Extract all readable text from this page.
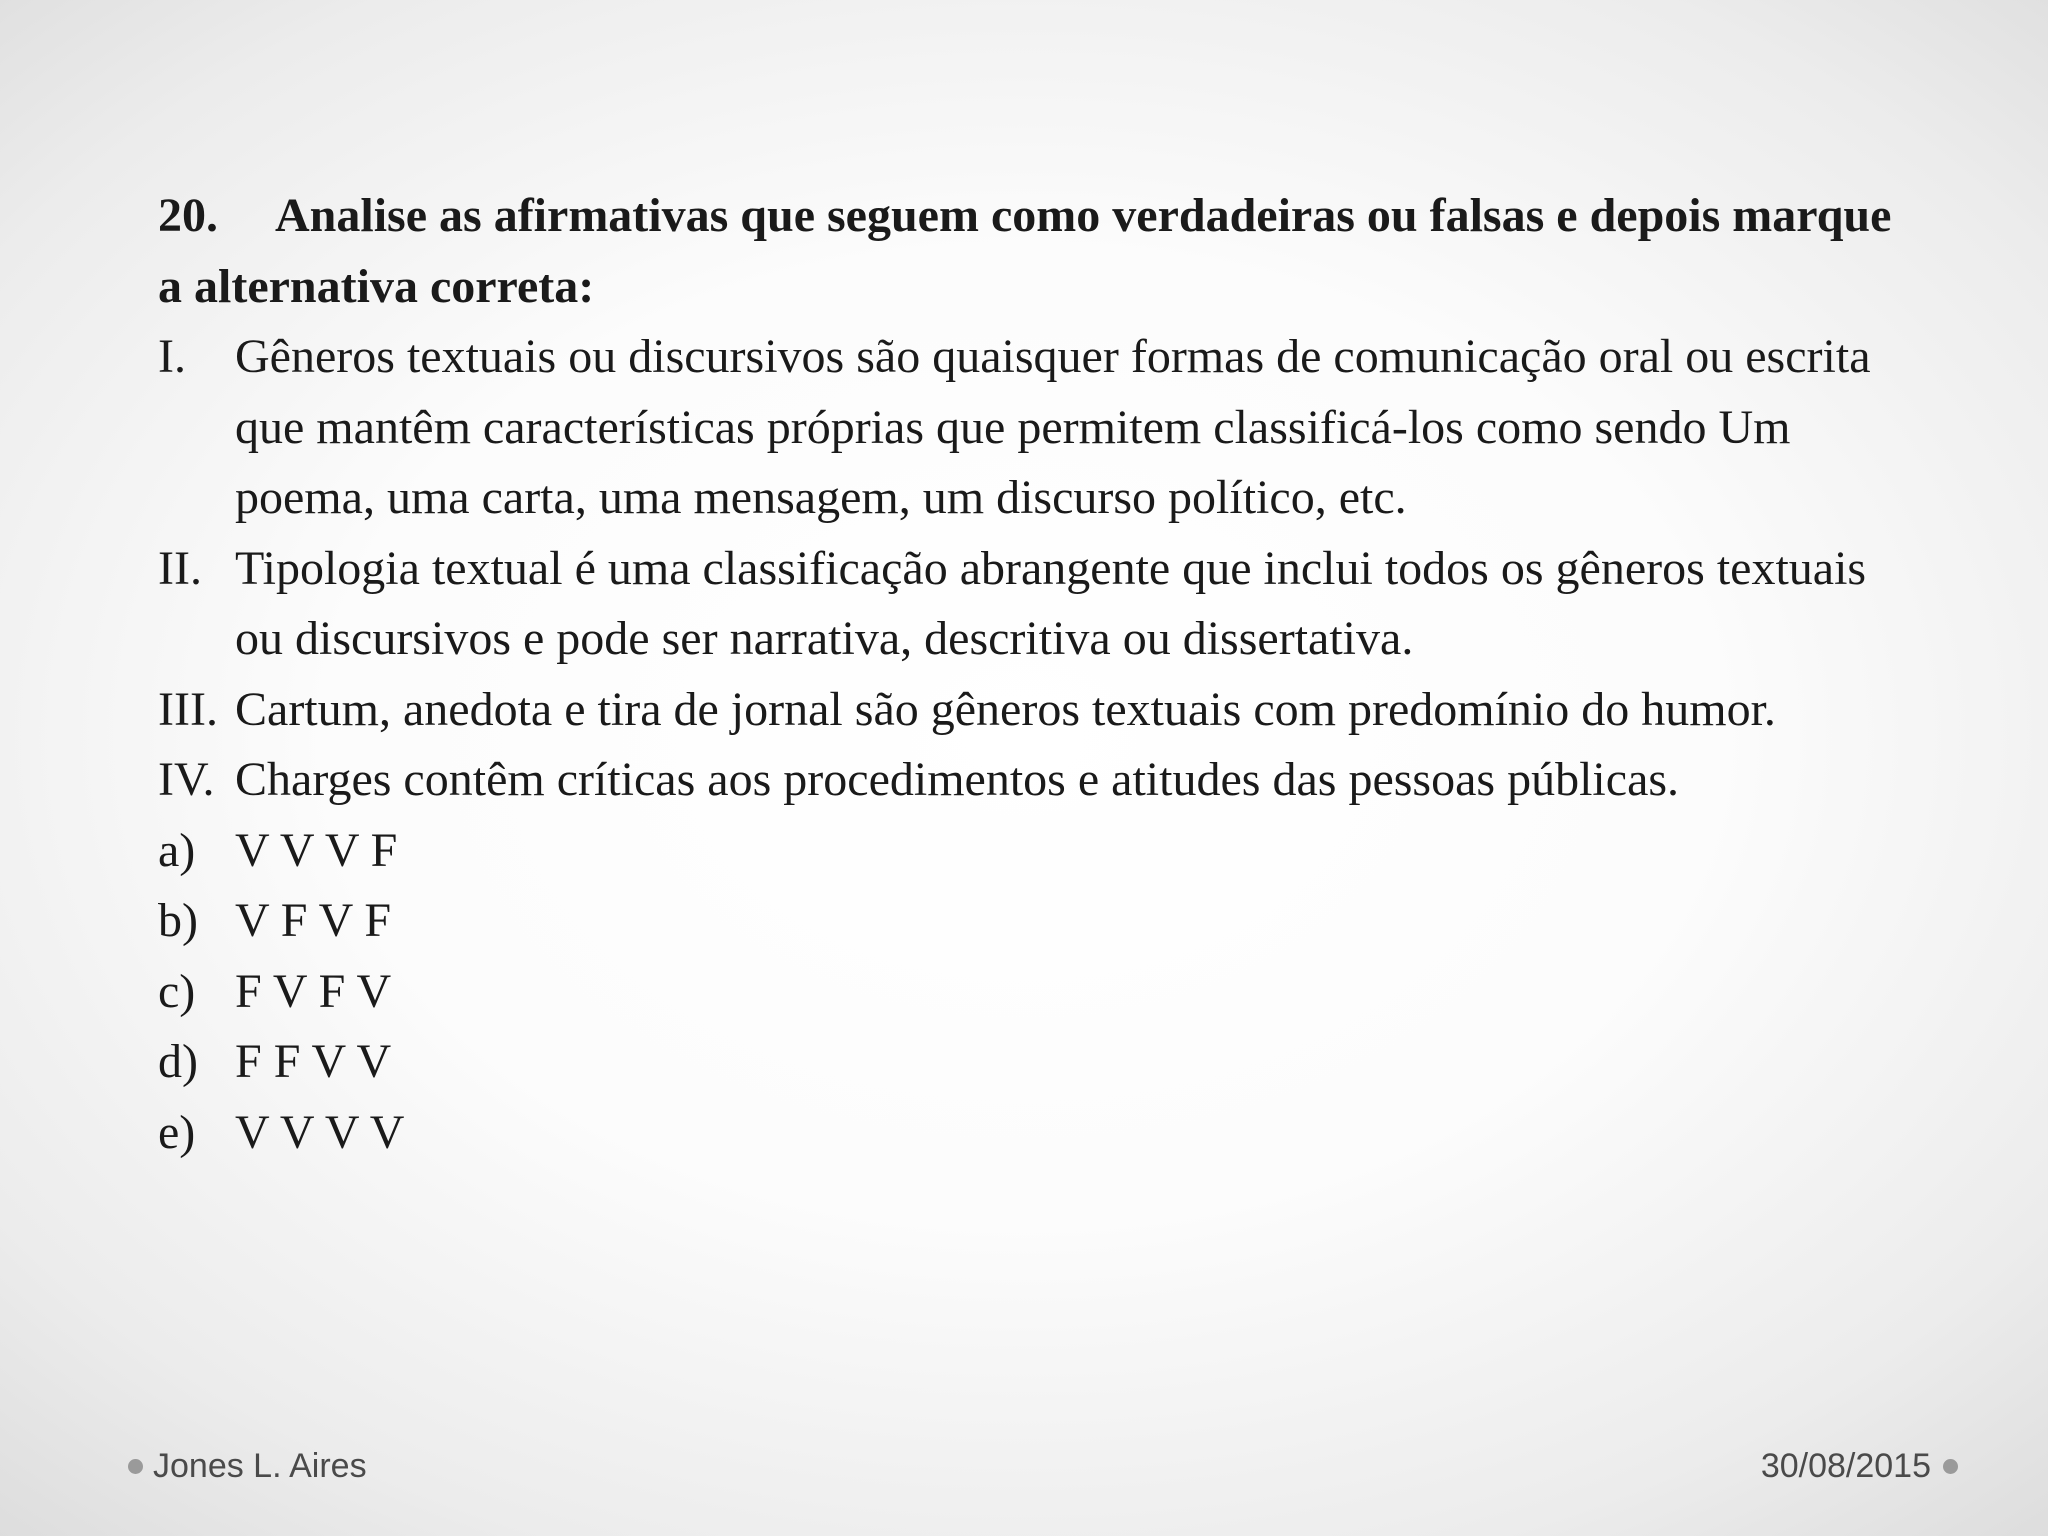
20. Analise as afirmativas que seguem como verdadeiras ou falsas e depois marque a alternativa correta:

I.	Gêneros textuais ou discursivos são quaisquer formas de comunicação oral ou escrita que mantêm características próprias que permitem classificá-los como sendo Um poema, uma carta, uma mensagem, um discurso político, etc.
II. Tipologia textual é uma classificação abrangente que inclui todos os gêneros textuais ou discursivos e pode ser narrativa, descritiva ou dissertativa.
III. Cartum, anedota e tira de jornal são gêneros textuais com predomínio do humor.
IV. Charges contêm críticas aos procedimentos e atitudes das pessoas públicas.
a) V V V F
b) V F V F
c) F V F V
d) F F V V
e) V V V V
Jones L. Aires	30/08/2015
